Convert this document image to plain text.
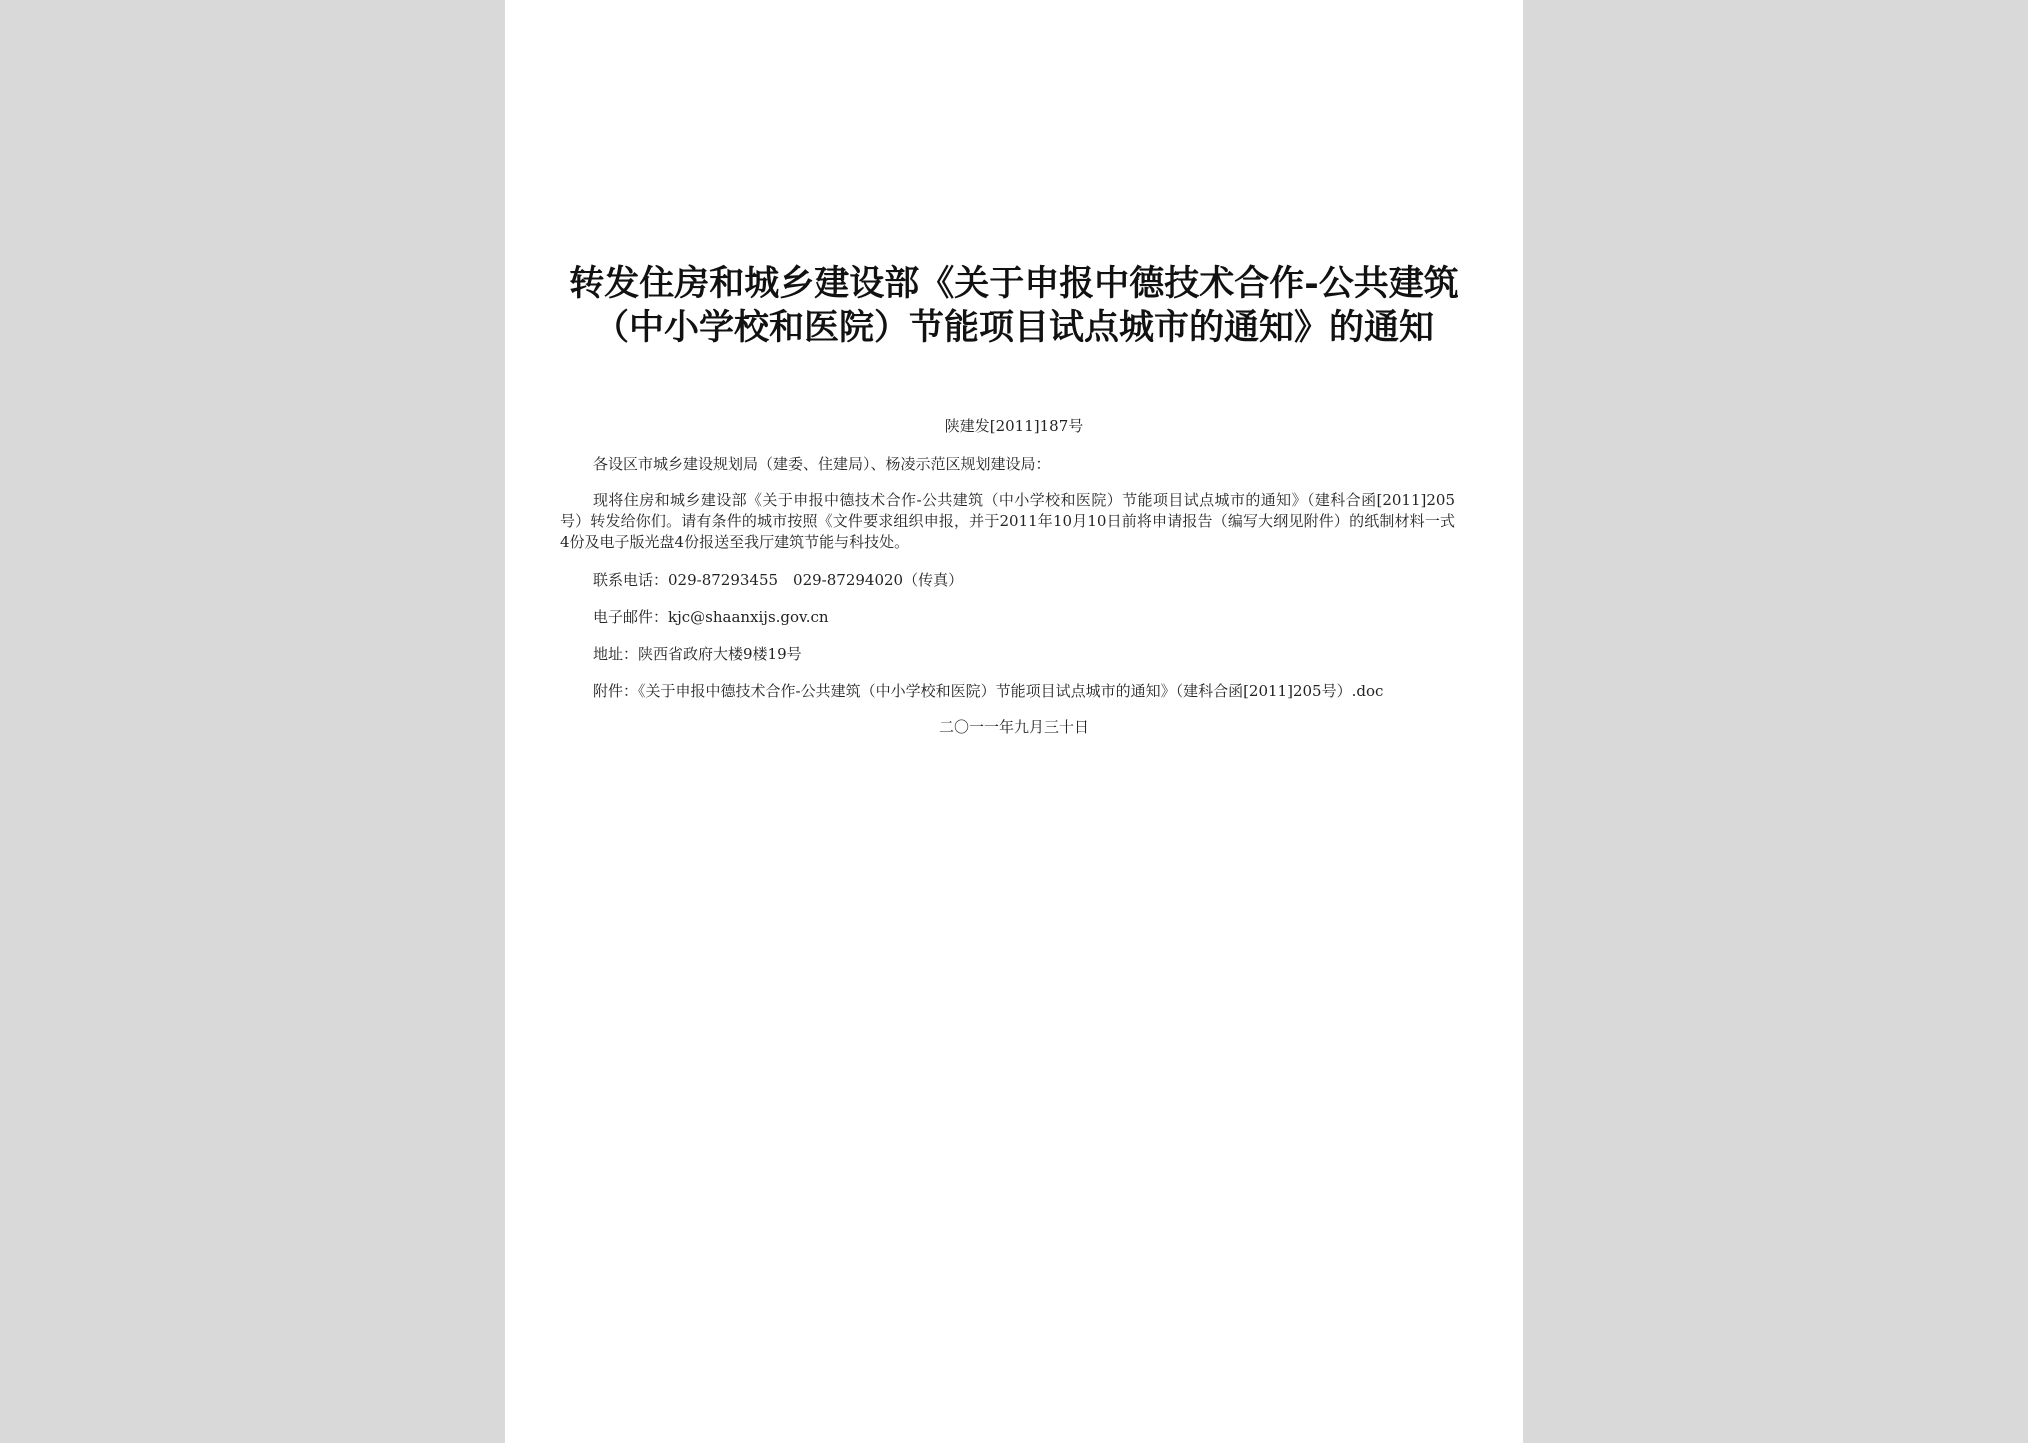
转发住房和城乡建设部《关于申报中德技术合作-公共建筑（中小学校和医院）节能项目试点城市的通知》的通知
陕建发[2011]187号
各设区市城乡建设规划局（建委、住建局）、杨凌示范区规划建设局：

现将住房和城乡建设部《关于申报中德技术合作-公共建筑（中小学校和医院）节能项目试点城市的通知》（建科合函[2011]205号）转发给你们。请有条件的城市按照《文件要求组织申报，并于2011年10月10日前将申请报告（编写大纲见附件）的纸制材料一式4份及电子版光盘4份报送至我厅建筑节能与科技处。

联系电话：029-87293455　029-87294020（传真）
电子邮件：kjc@shaanxijs.gov.cn
地址：陕西省政府大楼9楼19号
附件：《关于申报中德技术合作-公共建筑（中小学校和医院）节能项目试点城市的通知》（建科合函[2011]205号）.doc
二〇一一年九月三十日
